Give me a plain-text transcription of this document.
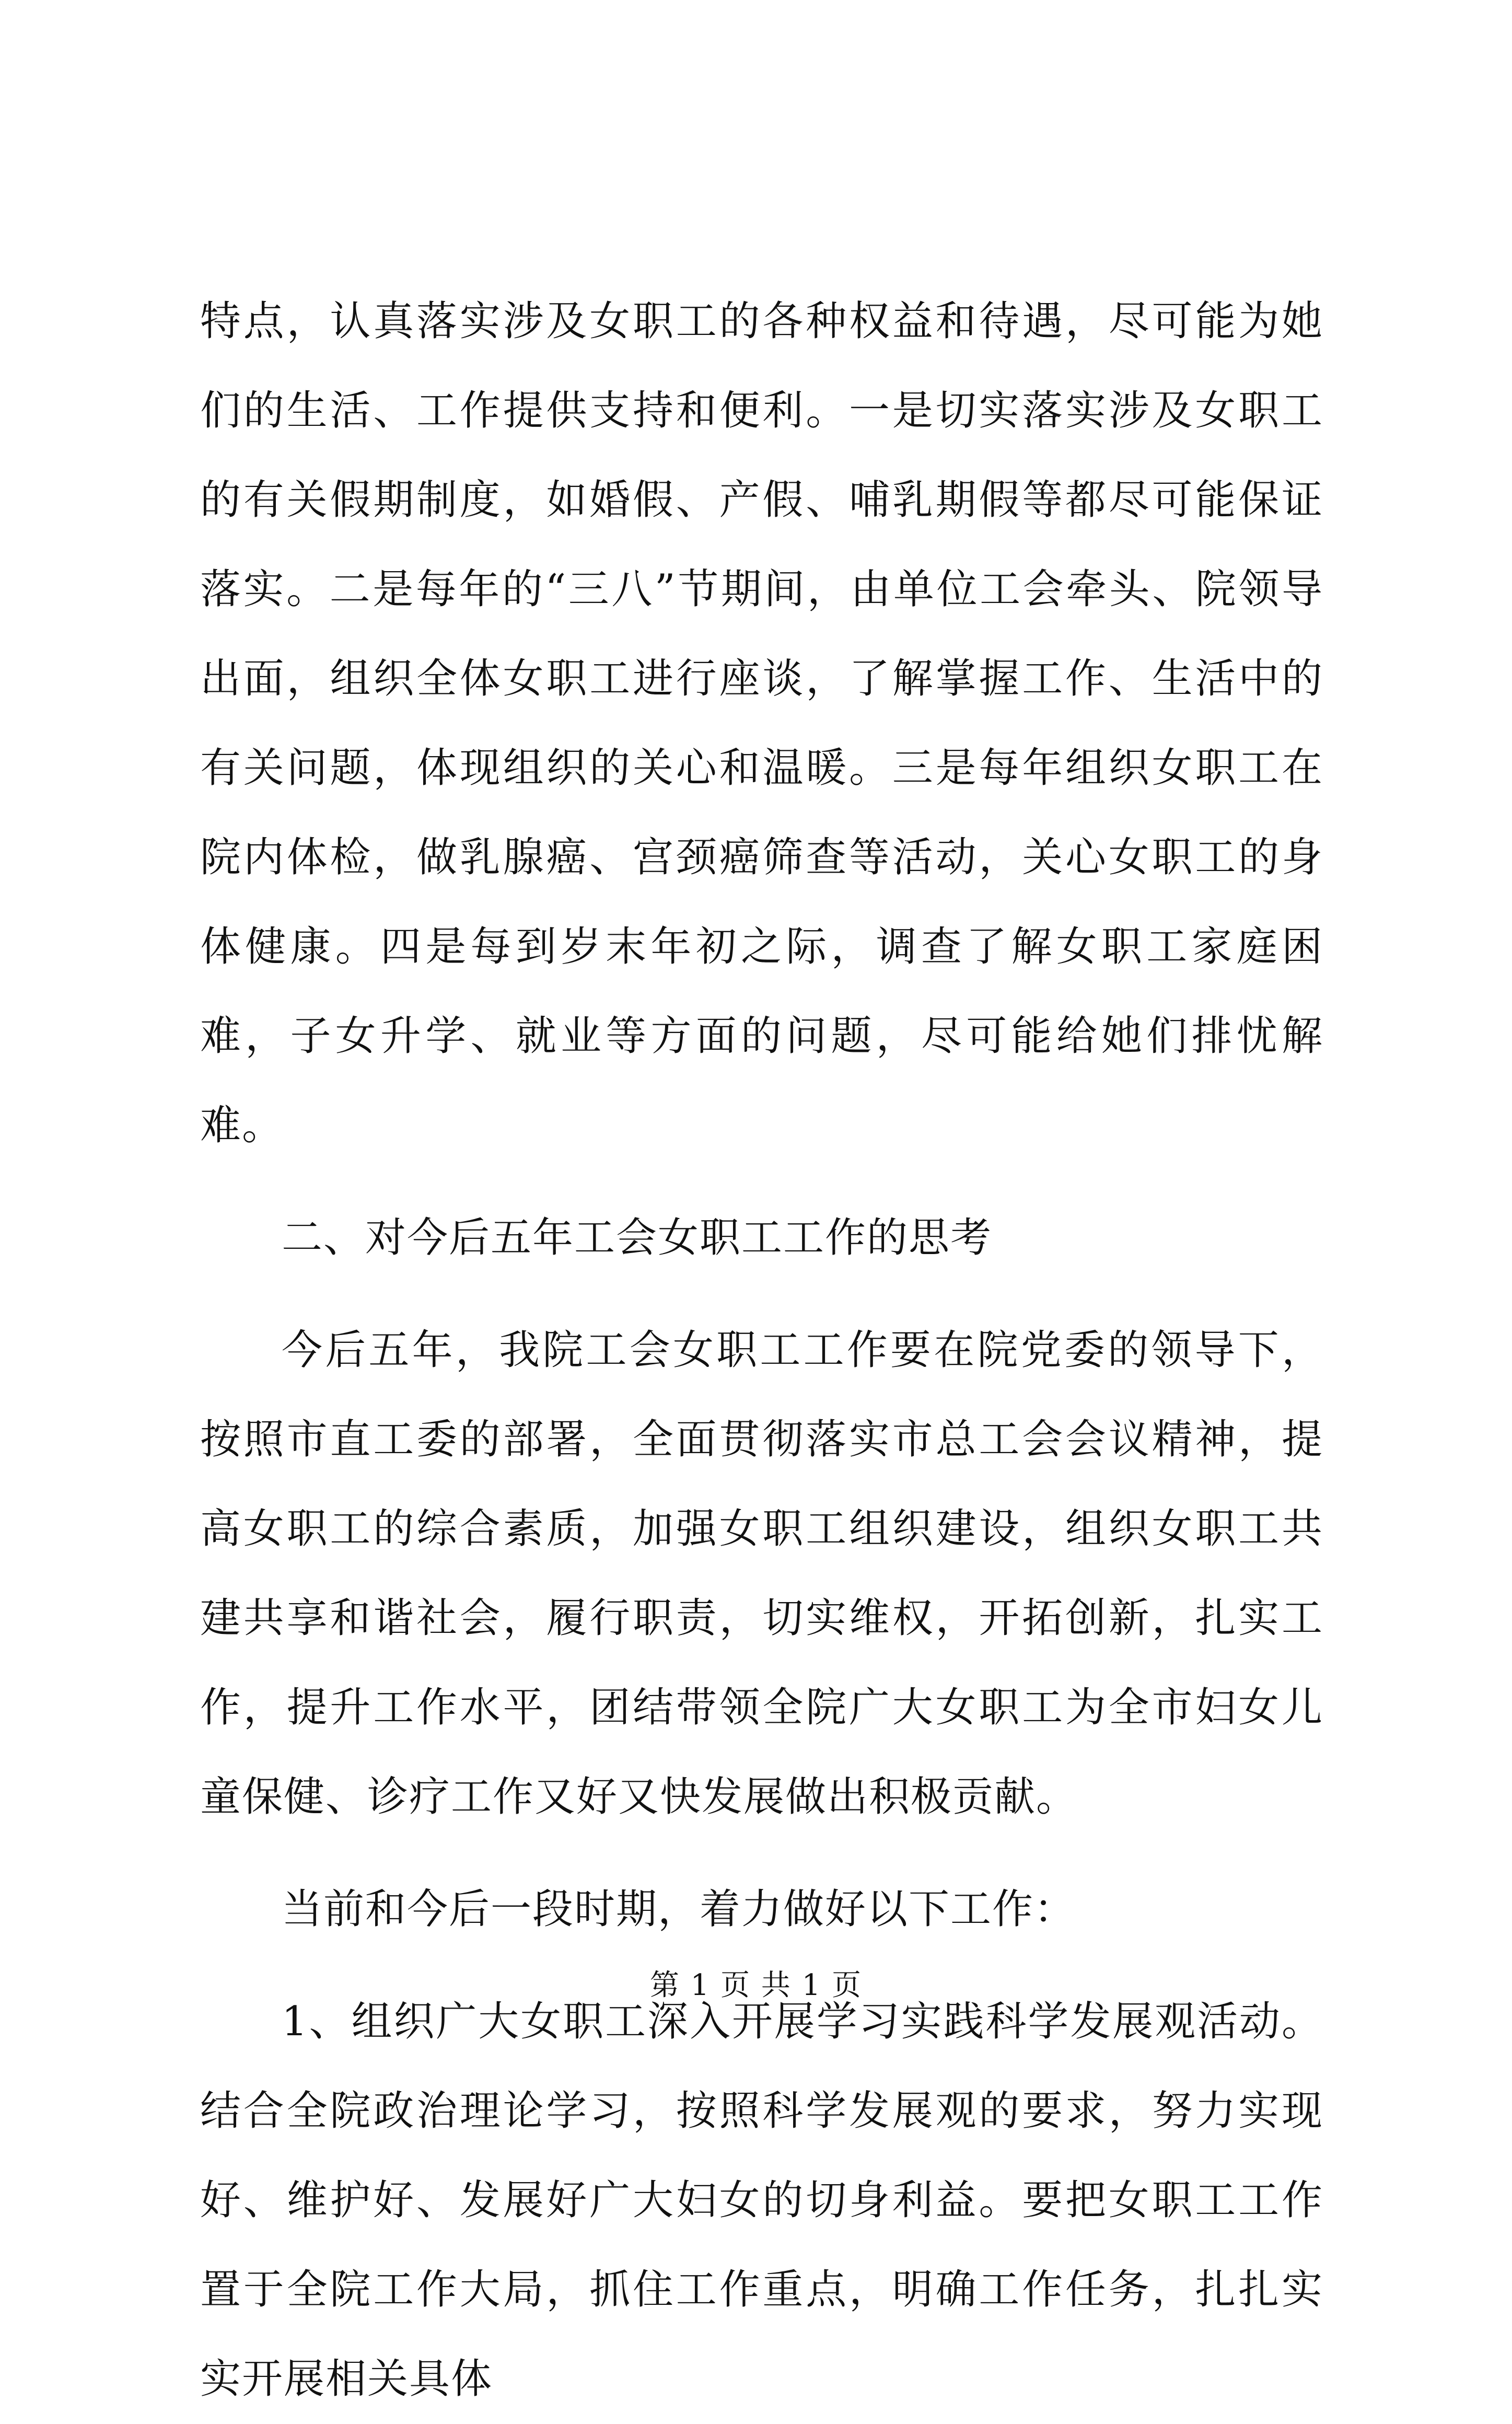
特点，认真落实涉及女职工的各种权益和待遇，尽可能为她们的生活、工作提供支持和便利。一是切实落实涉及女职工的有关假期制度，如婚假、产假、哺乳期假等都尽可能保证落实。二是每年的“三八”节期间，由单位工会牵头、院领导出面，组织全体女职工进行座谈，了解掌握工作、生活中的有关问题，体现组织的关心和温暖。三是每年组织女职工在院内体检，做乳腺癌、宫颈癌筛查等活动，关心女职工的身体健康。四是每到岁末年初之际，调查了解女职工家庭困难，子女升学、就业等方面的问题，尽可能给她们排忧解难。

二、对今后五年工会女职工工作的思考

今后五年，我院工会女职工工作要在院党委的领导下，按照市直工委的部署，全面贯彻落实市总工会会议精神，提高女职工的综合素质，加强女职工组织建设，组织女职工共建共享和谐社会，履行职责，切实维权，开拓创新，扎实工作，提升工作水平，团结带领全院广大女职工为全市妇女儿童保健、诊疗工作又好又快发展做出积极贡献。

当前和今后一段时期，着力做好以下工作：

1、组织广大女职工深入开展学习实践科学发展观活动。结合全院政治理论学习，按照科学发展观的要求，努力实现好、维护好、发展好广大妇女的切身利益。要把女职工工作置于全院工作大局，抓住工作重点，明确工作任务，扎扎实实开展相关具体

第 1 页 共 1 页
